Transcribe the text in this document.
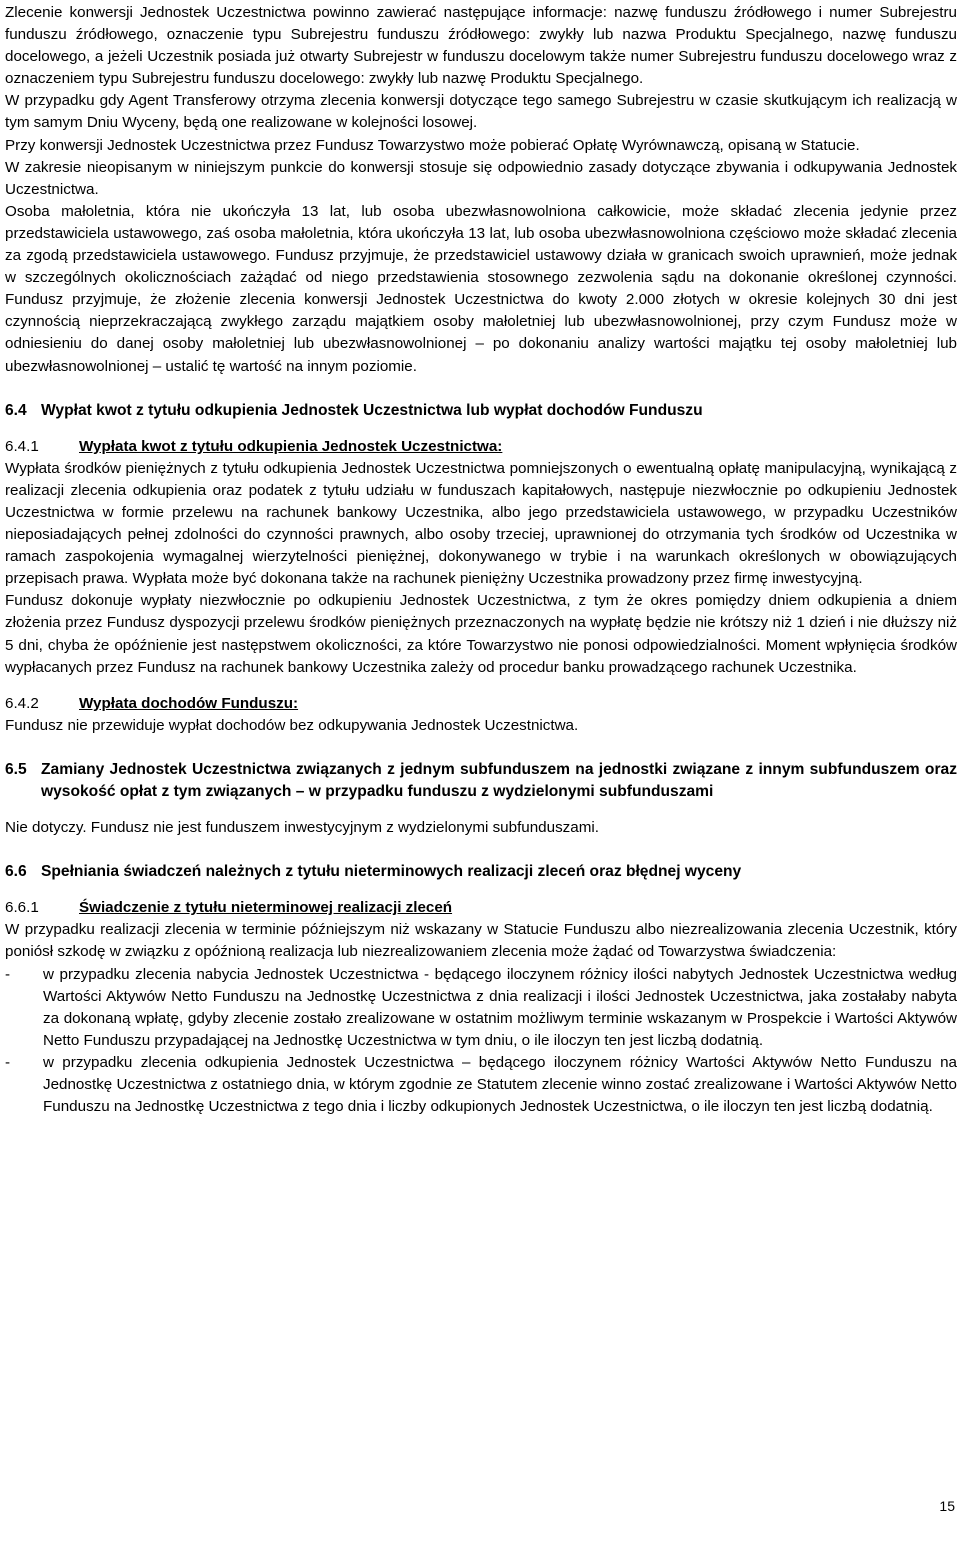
Zlecenie konwersji Jednostek Uczestnictwa powinno zawierać następujące informacje: nazwę funduszu źródłowego i numer Subrejestru funduszu źródłowego, oznaczenie typu Subrejestru funduszu źródłowego: zwykły lub nazwa Produktu Specjalnego, nazwę funduszu docelowego, a jeżeli Uczestnik posiada już otwarty Subrejestr w funduszu docelowym także numer Subrejestru funduszu docelowego wraz z oznaczeniem typu Subrejestru funduszu docelowego: zwykły lub nazwę Produktu Specjalnego.

W przypadku gdy Agent Transferowy otrzyma zlecenia konwersji dotyczące tego samego Subrejestru w czasie skutkującym ich realizacją w tym samym Dniu Wyceny, będą one realizowane w kolejności losowej.

Przy konwersji Jednostek Uczestnictwa przez Fundusz Towarzystwo może pobierać Opłatę Wyrównawczą, opisaną w Statucie.

W zakresie nieopisanym w niniejszym punkcie do konwersji stosuje się odpowiednio zasady dotyczące zbywania i odkupywania Jednostek Uczestnictwa.

Osoba małoletnia, która nie ukończyła 13 lat, lub osoba ubezwłasnowolniona całkowicie, może składać zlecenia jedynie przez przedstawiciela ustawowego, zaś osoba małoletnia, która ukończyła 13 lat, lub osoba ubezwłasnowolniona częściowo może składać zlecenia za zgodą przedstawiciela ustawowego. Fundusz przyjmuje, że przedstawiciel ustawowy działa w granicach swoich uprawnień, może jednak w szczególnych okolicznościach zażądać od niego przedstawienia stosownego zezwolenia sądu na dokonanie określonej czynności. Fundusz przyjmuje, że złożenie zlecenia konwersji Jednostek Uczestnictwa do kwoty 2.000 złotych w okresie kolejnych 30 dni jest czynnością nieprzekraczającą zwykłego zarządu majątkiem osoby małoletniej lub ubezwłasnowolnionej, przy czym Fundusz może w odniesieniu do danej osoby małoletniej lub ubezwłasnowolnionej – po dokonaniu analizy wartości majątku tej osoby małoletniej lub ubezwłasnowolnionej – ustalić tę wartość na innym poziomie.

6.4 Wypłat kwot z tytułu odkupienia Jednostek Uczestnictwa lub wypłat dochodów Funduszu
6.4.1	Wypłata kwot z tytułu odkupienia Jednostek Uczestnictwa:

Wypłata środków pieniężnych z tytułu odkupienia Jednostek Uczestnictwa pomniejszonych o ewentualną opłatę manipulacyjną, wynikającą z realizacji zlecenia odkupienia oraz podatek z tytułu udziału w funduszach kapitałowych, następuje niezwłocznie po odkupieniu Jednostek Uczestnictwa w formie przelewu na rachunek bankowy Uczestnika, albo jego przedstawiciela ustawowego, w przypadku Uczestników nieposiadających pełnej zdolności do czynności prawnych, albo osoby trzeciej, uprawnionej do otrzymania tych środków od Uczestnika w ramach zaspokojenia wymagalnej wierzytelności pieniężnej, dokonywanego w trybie i na warunkach określonych w obowiązujących przepisach prawa. Wypłata może być dokonana także na rachunek pieniężny Uczestnika prowadzony przez firmę inwestycyjną.

Fundusz dokonuje wypłaty niezwłocznie po odkupieniu Jednostek Uczestnictwa, z tym że okres pomiędzy dniem odkupienia a dniem złożenia przez Fundusz dyspozycji przelewu środków pieniężnych przeznaczonych na wypłatę będzie nie krótszy niż 1 dzień i nie dłuższy niż 5 dni, chyba że opóźnienie jest następstwem okoliczności, za które Towarzystwo nie ponosi odpowiedzialności. Moment wpłynięcia środków wypłacanych przez Fundusz na rachunek bankowy Uczestnika zależy od procedur banku prowadzącego rachunek Uczestnika.

6.4.2	Wypłata dochodów Funduszu:

Fundusz nie przewiduje wypłat dochodów bez odkupywania Jednostek Uczestnictwa.

6.5 Zamiany Jednostek Uczestnictwa związanych z jednym subfunduszem na jednostki związane z innym subfunduszem oraz wysokość opłat z tym związanych – w przypadku funduszu z wydzielonymi subfunduszami

Nie dotyczy. Fundusz nie jest funduszem inwestycyjnym z wydzielonymi subfunduszami.

6.6 Spełniania świadczeń należnych z tytułu nieterminowych realizacji zleceń oraz błędnej wyceny
6.6.1	Świadczenie z tytułu nieterminowej realizacji zleceń

W przypadku realizacji zlecenia w terminie późniejszym niż wskazany w Statucie Funduszu albo niezrealizowania zlecenia Uczestnik, który poniósł szkodę w związku z opóźnioną realizacja lub niezrealizowaniem zlecenia może żądać od Towarzystwa świadczenia:

-	w przypadku zlecenia nabycia Jednostek Uczestnictwa - będącego iloczynem różnicy ilości nabytych Jednostek Uczestnictwa według Wartości Aktywów Netto Funduszu na Jednostkę Uczestnictwa z dnia realizacji i ilości Jednostek Uczestnictwa, jaka zostałaby nabyta za dokonaną wpłatę, gdyby zlecenie zostało zrealizowane w ostatnim możliwym terminie wskazanym w Prospekcie i Wartości Aktywów Netto Funduszu przypadającej na Jednostkę Uczestnictwa w tym dniu, o ile iloczyn ten jest liczbą dodatnią.
-	w przypadku zlecenia odkupienia Jednostek Uczestnictwa – będącego iloczynem różnicy Wartości Aktywów Netto Funduszu na Jednostkę Uczestnictwa z ostatniego dnia, w którym zgodnie ze Statutem zlecenie winno zostać zrealizowane i Wartości Aktywów Netto Funduszu na Jednostkę Uczestnictwa z tego dnia i liczby odkupionych Jednostek Uczestnictwa, o ile iloczyn ten jest liczbą dodatnią.
15
